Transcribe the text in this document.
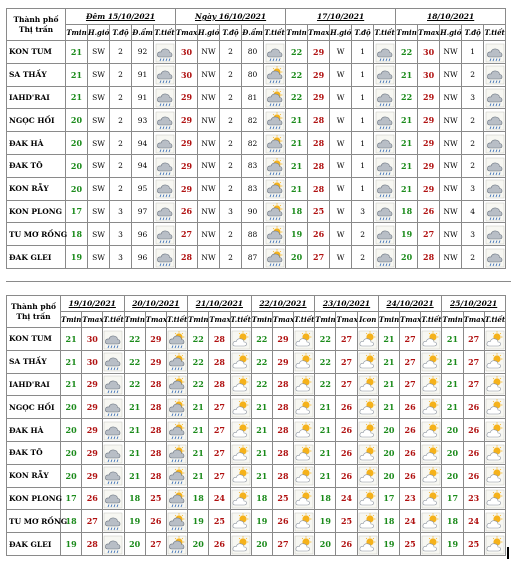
Thành phố
Thị trấn	Đêm 15/10/2021					Ngày 16/10/2021					17/10/2021					18/10/2021				
	Tmin	H.gió	T.độ	Đ.ẩm	T.tiết	Tmax	H.gió	T.độ	Đ.ẩm	T.tiết	Tmin	Tmax	H.gió	T.độ	T.tiết	Tmin	Tmax	H.gió	T.độ	T.tiết
KON TUM	21	SW	2	92		30	NW	2	80		22	29	W	1		22	30	NW	1	
SA THẦY	21	SW	2	91		30	NW	2	80		22	29	W	1		21	30	NW	2	
IAHD'RAI	21	SW	2	91		29	NW	2	81		22	29	W	1		22	29	NW	3	
NGỌC HỒI	20	SW	2	93		29	NW	2	82		21	28	W	1		21	29	NW	2	
ĐAK HÀ	20	SW	2	94		29	NW	2	82		21	28	W	1		21	29	NW	2	
ĐAK TÔ	20	SW	2	94		29	NW	2	83		21	28	W	1		21	29	NW	2	
KON RẪY	20	SW	2	95		29	NW	2	83		21	28	W	1		21	29	NW	3	
KON PLONG	17	SW	3	97		26	NW	3	90		18	25	W	3		18	26	NW	4	
TU MƠ RỒNG	18	SW	3	96		27	NW	2	88		19	26	W	2		19	27	NW	3	
ĐAK GLEI	19	SW	3	96		28	NW	2	87		20	27	W	2		20	28	NW	2	
Thành phố
Thị trấn	19/10/2021			20/10/2021			21/10/2021			22/10/2021			23/10/2021			24/10/2021			25/10/2021		
	Tmin	Tmax	T.tiết	Tmin	Tmax	T.tiết	Tmin	Tmax	T.tiết	Tmin	Tmax	T.tiết	Tmin	Tmax	Icon	Tmin	Tmax	T.tiết	Tmin	Tmax	T.tiết
KON TUM	21	30		22	29		22	28		22	29		22	27		21	27		21	27	
SA THẦY	21	30		22	29		22	28		22	29		22	27		21	27		21	27	
IAHD'RAI	21	29		22	28		22	28		22	28		22	27		21	27		21	27	
NGỌC HỒI	20	29		21	28		21	27		21	28		21	26		21	26		21	26	
ĐAK HÀ	20	29		21	28		21	27		21	28		21	26		20	26		20	26	
ĐAK TÔ	20	29		21	28		21	27		21	28		21	26		20	26		20	26	
KON RẪY	20	29		21	28		21	27		21	28		21	26		20	26		20	26	
KON PLONG	17	26		18	25		18	24		18	25		18	24		17	23		17	23	
TU MƠ RỒNG	18	27		19	26		19	25		19	26		19	25		18	24		18	24	
ĐAK GLEI	19	28		20	27		20	26		20	27		20	26		19	25		19	25	
